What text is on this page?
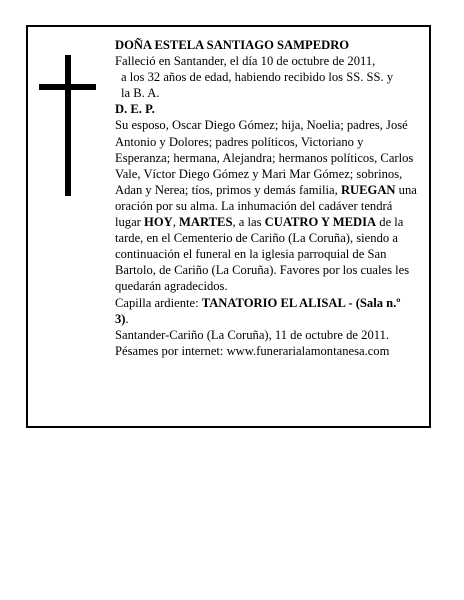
DOÑA ESTELA SANTIAGO SAMPEDRO

Falleció en Santander, el día 10 de octubre de 2011,
a los 32 años de edad, habiendo recibido los SS. SS. y
la B. A.

D. E. P.

Su esposo, Oscar Diego Gómez; hija, Noelia; padres, José Antonio y Dolores; padres políticos, Victoriano y Esperanza; hermana, Alejandra; hermanos políticos, Carlos Vale, Víctor Diego Gómez y Mari Mar Gómez; sobrinos, Adan y Nerea; tíos, primos y demás familia, RUEGAN una oración por su alma. La inhumación del cadáver tendrá lugar HOY, MARTES, a las CUATRO Y MEDIA de la tarde, en el Cementerio de Cariño (La Coruña), siendo a continuación el funeral en la iglesia parroquial de San Bartolo, de Cariño (La Coruña). Favores por los cuales les quedarán agradecidos.

Capilla ardiente: TANATORIO EL ALISAL - (Sala n.º 3).

Santander-Cariño (La Coruña), 11 de octubre de 2011.

Pésames por internet: www.funerarialamontanesa.com
